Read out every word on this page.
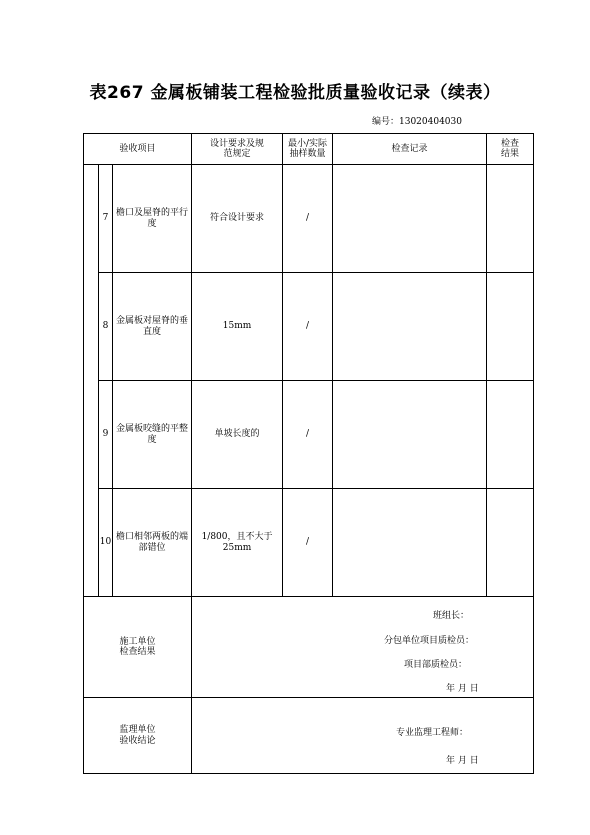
表267 金属板铺装工程检验批质量验收记录（续表）
编号：13020404030
验收项目			设计要求及规范规定	最小/实际抽样数量	检查记录	检查结果

	7	檐口及屋脊的平行度	符合设计要求	/		
	8	金属板对屋脊的垂直度	15mm	/		
	9	金属板咬缝的平整度	单坡长度的	/		
	10	檐口相邻两板的端部错位	1/800，且不大于25mm	/		

施工单位检查结果			班组长：
分包单位项目质检员：
项目部质检员：
年 月 日			

监理单位验收结论			专业监理工程师：
年 月 日			
